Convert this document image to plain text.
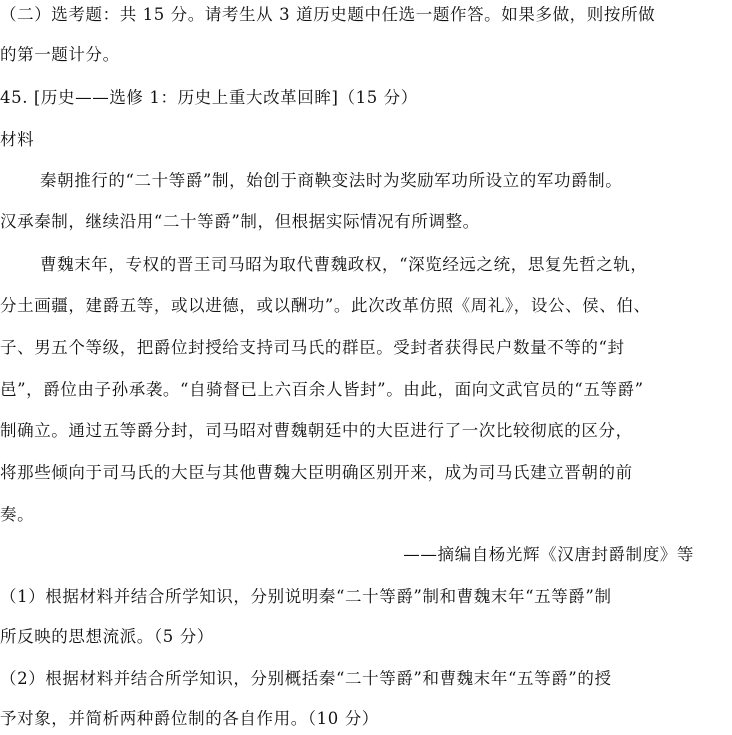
（二）选考题：共 15 分。请考生从 3 道历史题中任选一题作答。如果多做，则按所做
的第一题计分。
45. [历史——选修 1：历史上重大改革回眸]（15 分）
材料
秦朝推行的“二十等爵”制，始创于商鞅变法时为奖励军功所设立的军功爵制。
汉承秦制，继续沿用“二十等爵”制，但根据实际情况有所调整。
曹魏末年，专权的晋王司马昭为取代曹魏政权，“深览经远之统，思复先哲之轨，
分土画疆，建爵五等，或以进德，或以酬功”。此次改革仿照《周礼》，设公、侯、伯、
子、男五个等级，把爵位封授给支持司马氏的群臣。受封者获得民户数量不等的“封
邑”，爵位由子孙承袭。“自骑督已上六百余人皆封”。由此，面向文武官员的“五等爵”
制确立。通过五等爵分封，司马昭对曹魏朝廷中的大臣进行了一次比较彻底的区分，
将那些倾向于司马氏的大臣与其他曹魏大臣明确区别开来，成为司马氏建立晋朝的前
奏。
——摘编自杨光辉《汉唐封爵制度》等
（1）根据材料并结合所学知识，分别说明秦“二十等爵”制和曹魏末年“五等爵”制
所反映的思想流派。（5 分）
（2）根据材料并结合所学知识，分别概括秦“二十等爵”和曹魏末年“五等爵”的授
予对象，并简析两种爵位制的各自作用。（10 分）
